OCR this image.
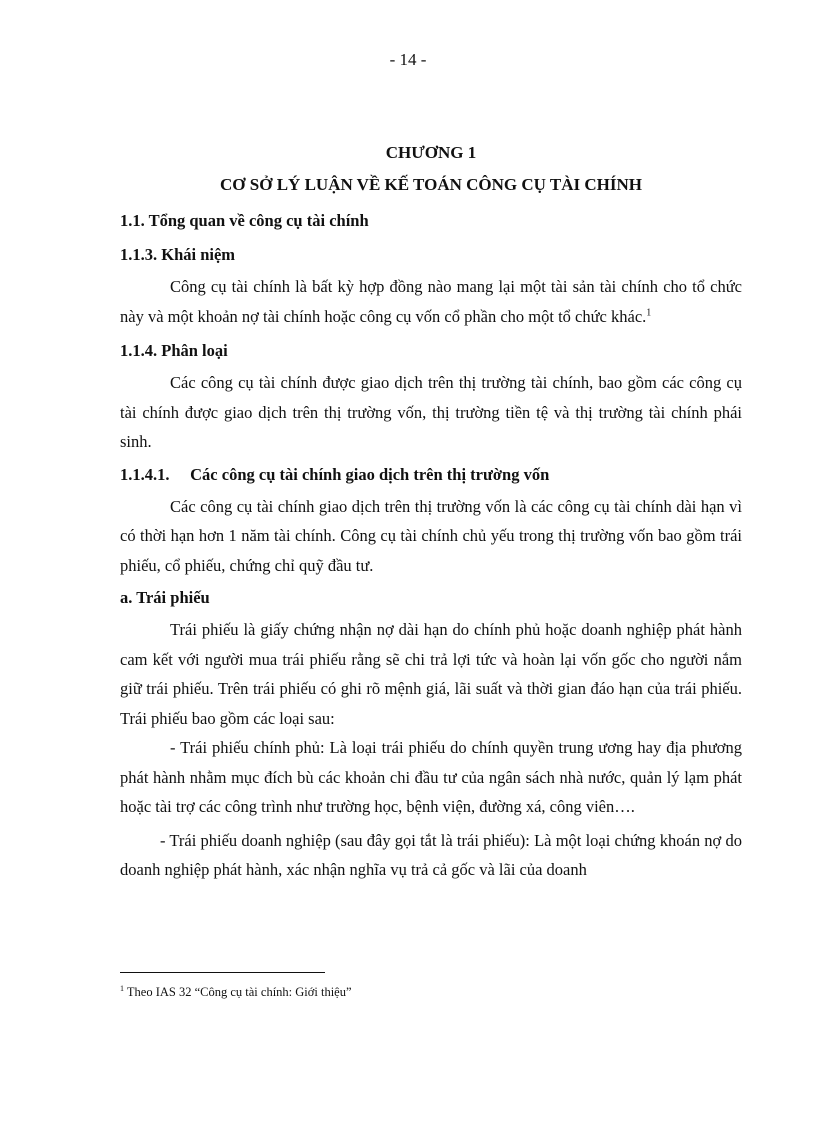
- 14 -

CHƯƠNG 1

CƠ SỞ LÝ LUẬN VỀ KẾ TOÁN CÔNG CỤ TÀI CHÍNH

1.1. Tổng quan về công cụ tài chính

1.1.3. Khái niệm

Công cụ tài chính là bất kỳ hợp đồng nào mang lại một tài sản tài chính cho tổ chức này và một khoản nợ tài chính hoặc công cụ vốn cổ phần cho một tổ chức khác.$^1$

1.1.4. Phân loại

Các công cụ tài chính được giao dịch trên thị trường tài chính, bao gồm các công cụ tài chính được giao dịch trên thị trường vốn, thị trường tiền tệ và thị trường tài chính phái sinh.

1.1.4.1.     Các công cụ tài chính giao dịch trên thị trường vốn

Các công cụ tài chính giao dịch trên thị trường vốn là các công cụ tài chính dài hạn vì có thời hạn hơn 1 năm tài chính. Công cụ tài chính chủ yếu trong thị trường vốn bao gồm trái phiếu, cổ phiếu, chứng chỉ quỹ đầu tư.

a. Trái phiếu

Trái phiếu là giấy chứng nhận nợ dài hạn do chính phủ hoặc doanh nghiệp phát hành cam kết với người mua trái phiếu rằng sẽ chi trả lợi tức và hoàn lại vốn gốc cho người nắm giữ trái phiếu. Trên trái phiếu có ghi rõ mệnh giá, lãi suất và thời gian đáo hạn của trái phiếu. Trái phiếu bao gồm các loại sau:

- Trái phiếu chính phủ: Là loại trái phiếu do chính quyền trung ương hay địa phương phát hành nhằm mục đích bù các khoản chi đầu tư của ngân sách nhà nước, quản lý lạm phát hoặc tài trợ các công trình như trường học, bệnh viện, đường xá, công viên….

- Trái phiếu doanh nghiệp (sau đây gọi tắt là trái phiếu): Là một loại chứng khoán nợ do doanh nghiệp phát hành, xác nhận nghĩa vụ trả cả gốc và lãi của doanh

$^1$ Theo IAS 32 “Công cụ tài chính: Giới thiệu”
